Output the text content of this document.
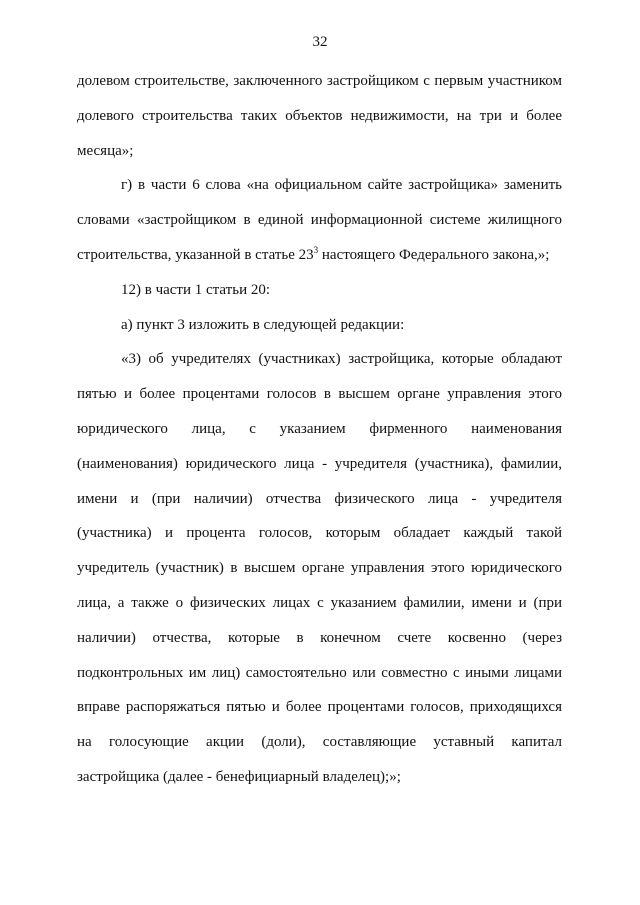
32
долевом строительстве, заключенного застройщиком с первым участником
долевого строительства таких объектов недвижимости, на три и более
месяца»;
г) в части 6 слова «на официальном сайте застройщика» заменить
словами «застройщиком в единой информационной системе жилищного
строительства, указанной в статье $23^3$ настоящего Федерального закона,»;
12) в части 1 статьи 20:
а) пункт 3 изложить в следующей редакции:
«3) об учредителях (участниках) застройщика, которые обладают
пятью и более процентами голосов в высшем органе управления этого
юридического лица, с указанием фирменного наименования
(наименования) юридического лица - учредителя (участника), фамилии,
имени и (при наличии) отчества физического лица - учредителя
(участника) и процента голосов, которым обладает каждый такой
учредитель (участник) в высшем органе управления этого юридического
лица, а также о физических лицах с указанием фамилии, имени и (при
наличии) отчества, которые в конечном счете косвенно (через
подконтрольных им лиц) самостоятельно или совместно с иными лицами
вправе распоряжаться пятью и более процентами голосов, приходящихся
на голосующие акции (доли), составляющие уставный капитал
застройщика (далее - бенефициарный владелец);»;
